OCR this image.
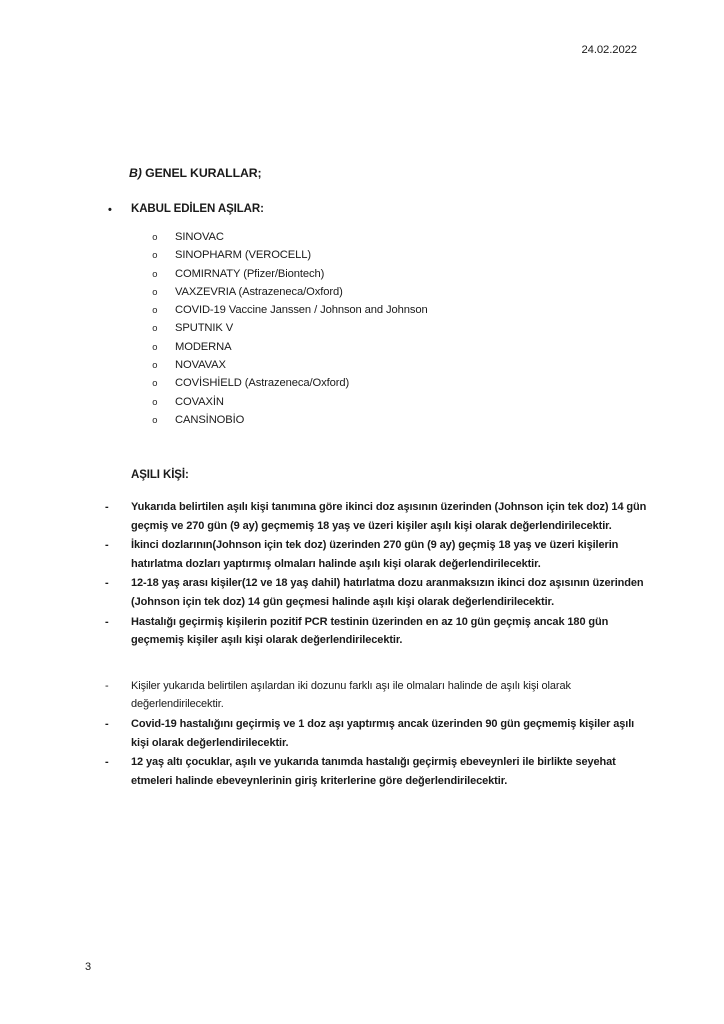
24.02.2022
B) GENEL KURALLAR;
•	KABUL EDİLEN AŞILAR:
o	SINOVAC
o	SINOPHARM (VEROCELL)
o	COMIRNATY (Pfizer/Biontech)
o	VAXZEVRIA (Astrazeneca/Oxford)
o	COVID-19 Vaccine Janssen / Johnson and Johnson
o	SPUTNIK V
o	MODERNA
o	NOVAVAX
o	COVİSHİELD (Astrazeneca/Oxford)
o	COVAXİN
o	CANSİNOBİO
AŞILI KİŞİ:
-	Yukarıda belirtilen aşılı kişi tanımına göre ikinci doz aşısının üzerinden (Johnson için tek doz) 14 gün geçmiş ve 270 gün (9 ay) geçmemiş 18 yaş ve üzeri kişiler aşılı kişi olarak değerlendirilecektir.
-	İkinci dozlarının(Johnson için tek doz) üzerinden 270 gün (9 ay) geçmiş 18 yaş ve üzeri kişilerin hatırlatma dozları yaptırmış olmaları halinde aşılı kişi olarak değerlendirilecektir.
-	12-18 yaş arası kişiler(12 ve 18 yaş dahil) hatırlatma dozu aranmaksızın ikinci doz aşısının üzerinden (Johnson için tek doz) 14 gün geçmesi halinde aşılı kişi olarak değerlendirilecektir.
-	Hastalığı geçirmiş kişilerin pozitif PCR testinin üzerinden en az 10 gün geçmiş ancak 180 gün geçmemiş kişiler aşılı kişi olarak değerlendirilecektir.
-	Kişiler yukarıda belirtilen aşılardan iki dozunu farklı aşı ile olmaları halinde de aşılı kişi olarak değerlendirilecektir.
-	Covid-19 hastalığını geçirmiş ve 1 doz aşı yaptırmış ancak üzerinden 90 gün geçmemiş kişiler aşılı kişi olarak değerlendirilecektir.
-	12 yaş altı çocuklar, aşılı ve yukarıda tanımda hastalığı geçirmiş ebeveynleri ile birlikte seyehat etmeleri halinde ebeveynlerinin giriş kriterlerine göre değerlendirilecektir.
3
